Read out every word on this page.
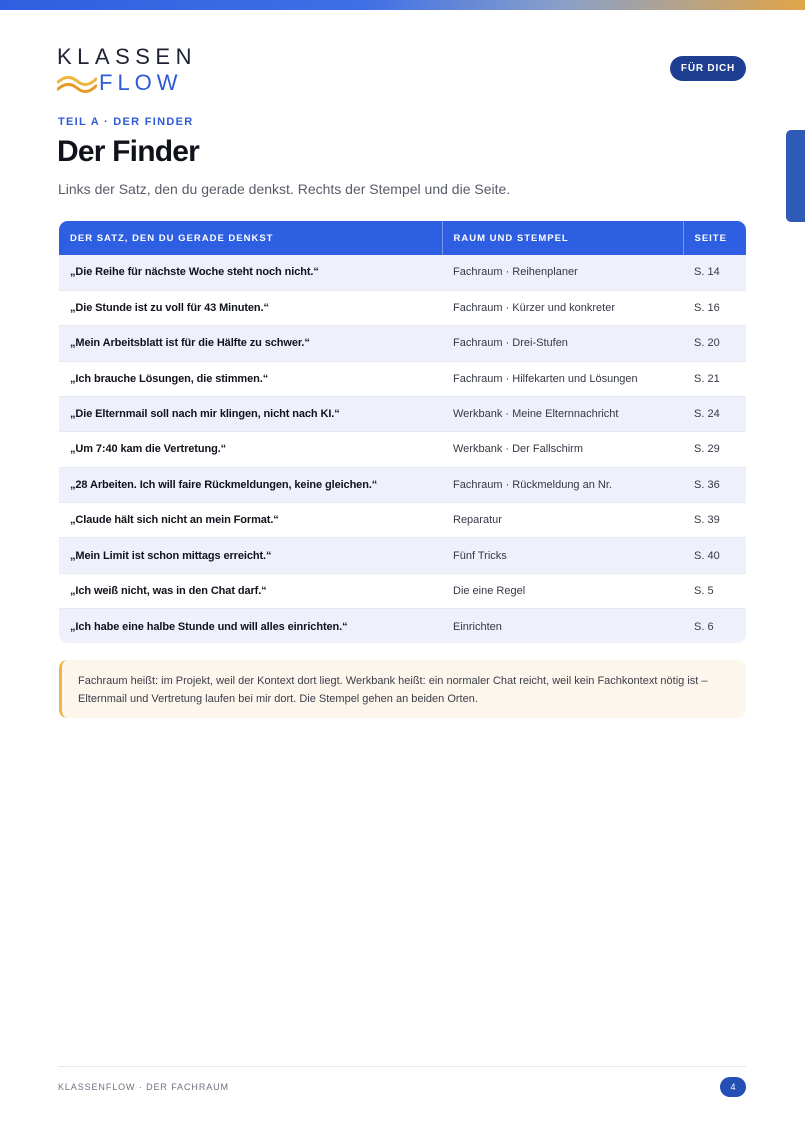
KLASSEN
FLOW
FÜR DICH
TEIL A · DER FINDER
Der Finder

Links der Satz, den du gerade denkst. Rechts der Stempel und die Seite.

DER SATZ, DEN DU GERADE DENKST	RAUM UND STEMPEL	SEITE
„Die Reihe für nächste Woche steht noch nicht.“	Fachraum · Reihenplaner	S. 14
„Die Stunde ist zu voll für 43 Minuten.“	Fachraum · Kürzer und konkreter	S. 16
„Mein Arbeitsblatt ist für die Hälfte zu schwer.“	Fachraum · Drei-Stufen	S. 20
„Ich brauche Lösungen, die stimmen.“	Fachraum · Hilfekarten und Lösungen	S. 21
„Die Elternmail soll nach mir klingen, nicht nach KI.“	Werkbank · Meine Elternnachricht	S. 24
„Um 7:40 kam die Vertretung.“	Werkbank · Der Fallschirm	S. 29
„28 Arbeiten. Ich will faire Rückmeldungen, keine gleichen.“	Fachraum · Rückmeldung an Nr.	S. 36
„Claude hält sich nicht an mein Format.“	Reparatur	S. 39
„Mein Limit ist schon mittags erreicht.“	Fünf Tricks	S. 40
„Ich weiß nicht, was in den Chat darf.“	Die eine Regel	S. 5
„Ich habe eine halbe Stunde und will alles einrichten.“	Einrichten	S. 6
Fachraum heißt: im Projekt, weil der Kontext dort liegt. Werkbank heißt: ein normaler Chat reicht, weil kein Fachkontext nötig ist – Elternmail und Vertretung laufen bei mir dort. Die Stempel gehen an beiden Orten.
KLASSENFLOW · DER FACHRAUM	4
